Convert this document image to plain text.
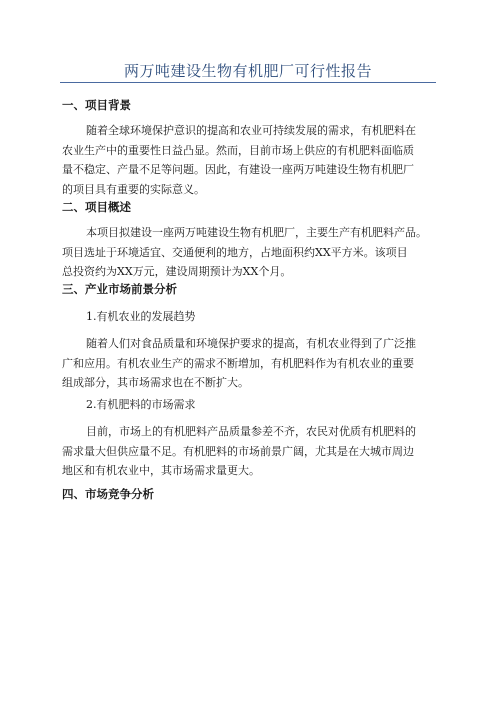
两万吨建设生物有机肥厂可行性报告
一、项目背景
随着全球环境保护意识的提高和农业可持续发展的需求，有机肥料在
农业生产中的重要性日益凸显。然而，目前市场上供应的有机肥料面临质
量不稳定、产量不足等问题。因此，有建设一座两万吨建设生物有机肥厂
的项目具有重要的实际意义。
二、项目概述
本项目拟建设一座两万吨建设生物有机肥厂，主要生产有机肥料产品。
项目选址于环境适宜、交通便利的地方，占地面积约XX平方米。该项目
总投资约为XX万元，建设周期预计为XX个月。
三、产业市场前景分析
1.有机农业的发展趋势
随着人们对食品质量和环境保护要求的提高，有机农业得到了广泛推
广和应用。有机农业生产的需求不断增加，有机肥料作为有机农业的重要
组成部分，其市场需求也在不断扩大。
2.有机肥料的市场需求
目前，市场上的有机肥料产品质量参差不齐，农民对优质有机肥料的
需求量大但供应量不足。有机肥料的市场前景广阔，尤其是在大城市周边
地区和有机农业中，其市场需求量更大。
四、市场竞争分析
